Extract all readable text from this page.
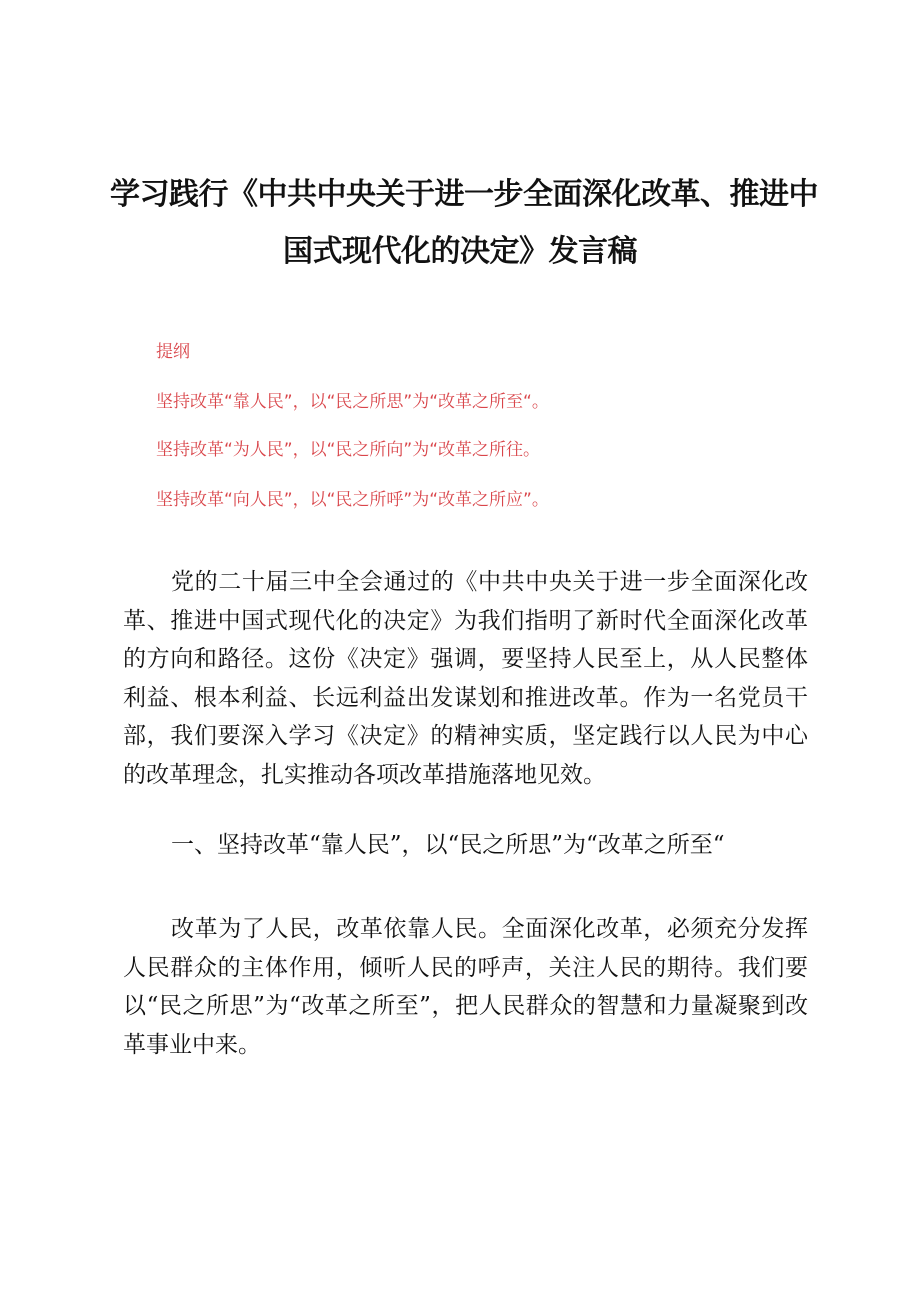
学习践行《中共中央关于进一步全面深化改革、推进中
国式现代化的决定》发言稿
提纲
坚持改革“靠人民”，以“民之所思”为“改革之所至“。
坚持改革“为人民”，以“民之所向”为“改革之所往。
坚持改革“向人民”，以“民之所呼”为“改革之所应”。

党的二十届三中全会通过的《中共中央关于进一步全面深化改革、推进中国式现代化的决定》为我们指明了新时代全面深化改革的方向和路径。这份《决定》强调，要坚持人民至上，从人民整体利益、根本利益、长远利益出发谋划和推进改革。作为一名党员干部，我们要深入学习《决定》的精神实质，坚定践行以人民为中心的改革理念，扎实推动各项改革措施落地见效。

一、坚持改革“靠人民”，以“民之所思”为“改革之所至“

改革为了人民，改革依靠人民。全面深化改革，必须充分发挥人民群众的主体作用，倾听人民的呼声，关注人民的期待。我们要以“民之所思”为“改革之所至”，把人民群众的智慧和力量凝聚到改革事业中来。
